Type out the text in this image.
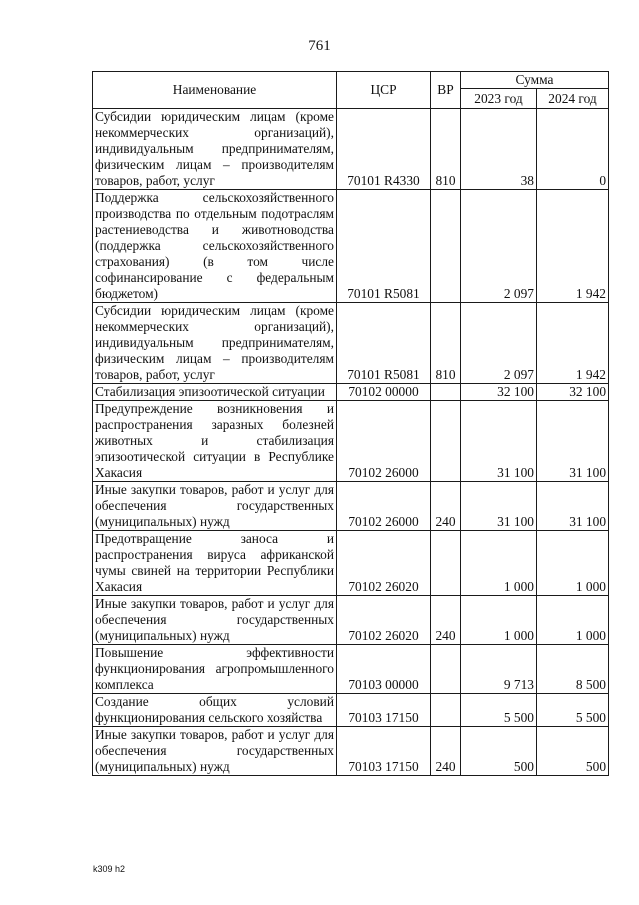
761
Наименование	ЦСР	ВР	Сумма	
			2023 год	2024 год
Субсидии юридическим лицам (кроме некоммерческих организаций), индивидуальным предпринимателям, физическим лицам – производителям товаров, работ, услуг	70101 R4330	810	38	0
Поддержка сельскохозяйственного производства по отдельным подотраслям растениеводства и животноводства (поддержка сельскохозяйственного страхования) (в том числе софинансирование с федеральным бюджетом)	70101 R5081		2 097	1 942
Субсидии юридическим лицам (кроме некоммерческих организаций), индивидуальным предпринимателям, физическим лицам – производителям товаров, работ, услуг	70101 R5081	810	2 097	1 942
Стабилизация эпизоотической ситуации	70102 00000		32 100	32 100
Предупреждение возникновения и распространения заразных болезней животных и стабилизация эпизоотической ситуации в Республике Хакасия	70102 26000		31 100	31 100
Иные закупки товаров, работ и услуг для обеспечения государственных (муниципальных) нужд	70102 26000	240	31 100	31 100
Предотвращение заноса и распространения вируса африканской чумы свиней на территории Республики Хакасия	70102 26020		1 000	1 000
Иные закупки товаров, работ и услуг для обеспечения государственных (муниципальных) нужд	70102 26020	240	1 000	1 000
Повышение эффективности функционирования агропромышленного комплекса	70103 00000		9 713	8 500
Создание общих условий функционирования сельского хозяйства	70103 17150		5 500	5 500
Иные закупки товаров, работ и услуг для обеспечения государственных (муниципальных) нужд	70103 17150	240	500	500
k309 h2
